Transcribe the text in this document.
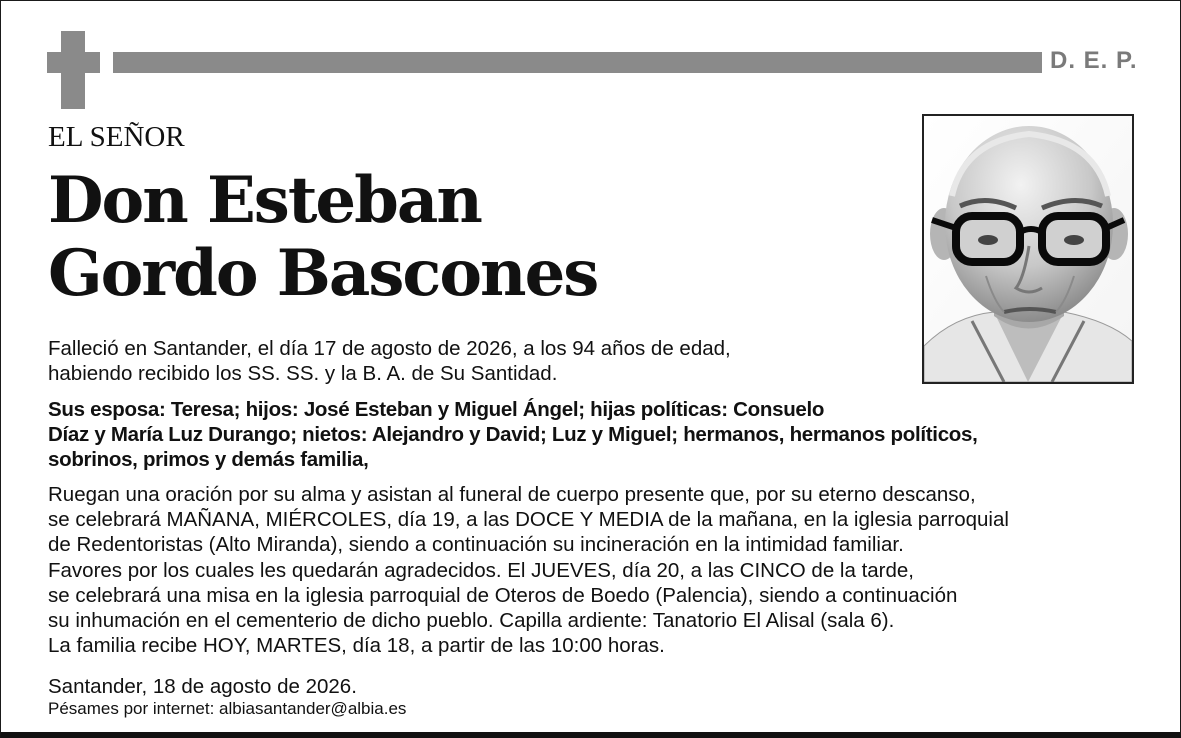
D. E. P.
EL SEÑOR
Don Esteban
Gordo Bascones
Falleció en Santander, el día 17 de agosto de 2026, a los 94 años de edad,
habiendo recibido los SS. SS. y la B. A. de Su Santidad.
Sus esposa: Teresa; hijos: José Esteban y Miguel Ángel; hijas políticas: Consuelo
Díaz y María Luz Durango; nietos: Alejandro y David; Luz y Miguel; hermanos, hermanos políticos,
sobrinos, primos y demás familia,
Ruegan una oración por su alma y asistan al funeral de cuerpo presente que, por su eterno descanso,
se celebrará MAÑANA, MIÉRCOLES, día 19, a las DOCE Y MEDIA de la mañana, en la iglesia parroquial
de Redentoristas (Alto Miranda), siendo a continuación su incineración en la intimidad familiar.
Favores por los cuales les quedarán agradecidos. El JUEVES, día 20, a las CINCO de la tarde,
se celebrará una misa en la iglesia parroquial de Oteros de Boedo (Palencia), siendo a continuación
su inhumación en el cementerio de dicho pueblo. Capilla ardiente: Tanatorio El Alisal (sala 6).
La familia recibe HOY, MARTES, día 18, a partir de las 10:00 horas.
Santander, 18 de agosto de 2026.
Pésames por internet: albiasantander@albia.es
